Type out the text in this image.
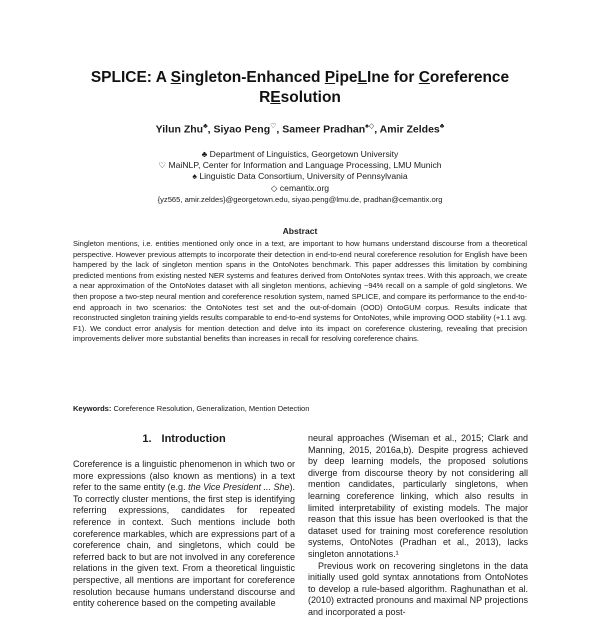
SPLICE: A Singleton-Enhanced PipeLIne for Coreference
REsolution
Yilun Zhu♣, Siyao Peng♡, Sameer Pradhan♠◇, Amir Zeldes♣
♣ Department of Linguistics, Georgetown University
♡ MaiNLP, Center for Information and Language Processing, LMU Munich
♠ Linguistic Data Consortium, University of Pennsylvania
◇ cemantix.org
{yz565, amir.zeldes}@georgetown.edu, siyao.peng@lmu.de, pradhan@cemantix.org
Abstract
Singleton mentions, i.e. entities mentioned only once in a text, are important to how humans understand discourse from a theoretical perspective. However previous attempts to incorporate their detection in end-to-end neural coreference resolution for English have been hampered by the lack of singleton mention spans in the OntoNotes benchmark. This paper addresses this limitation by combining predicted mentions from existing nested NER systems and features derived from OntoNotes syntax trees. With this approach, we create a near approximation of the OntoNotes dataset with all singleton mentions, achieving ~94% recall on a sample of gold singletons. We then propose a two-step neural mention and coreference resolution system, named SPLICE, and compare its performance to the end-to-end approach in two scenarios: the OntoNotes test set and the out-of-domain (OOD) OntoGUM corpus. Results indicate that reconstructed singleton training yields results comparable to end-to-end systems for OntoNotes, while improving OOD stability (+1.1 avg. F1). We conduct error analysis for mention detection and delve into its impact on coreference clustering, revealing that precision improvements deliver more substantial benefits than increases in recall for resolving coreference chains.
Keywords: Coreference Resolution, Generalization, Mention Detection
1. Introduction
Coreference is a linguistic phenomenon in which two or more expressions (also known as mentions) in a text refer to the same entity (e.g. the Vice President ... She). To correctly cluster mentions, the first step is identifying referring expressions, candidates for repeated reference in context. Such mentions include both coreference markables, which are expressions part of a coreference chain, and singletons, which could be referred back to but are not involved in any coreference relations in the given text. From a theoretical linguistic perspective, all mentions are important for coreference resolution because humans understand discourse and entity coherence based on the competing available

neural approaches (Wiseman et al., 2015; Clark and Manning, 2015, 2016a,b). Despite progress achieved by deep learning models, the proposed solutions diverge from discourse theory by not considering all mention candidates, particularly singletons, when learning coreference linking, which also results in limited interpretability of existing models. The major reason that this issue has been overlooked is that the dataset used for training most coreference resolution systems, OntoNotes (Pradhan et al., 2013), lacks singleton annotations.¹

Previous work on recovering singletons in the data initially used gold syntax annotations from OntoNotes to develop a rule-based algorithm. Raghunathan et al. (2010) extracted pronouns and maximal NP projections and incorporated a post-
